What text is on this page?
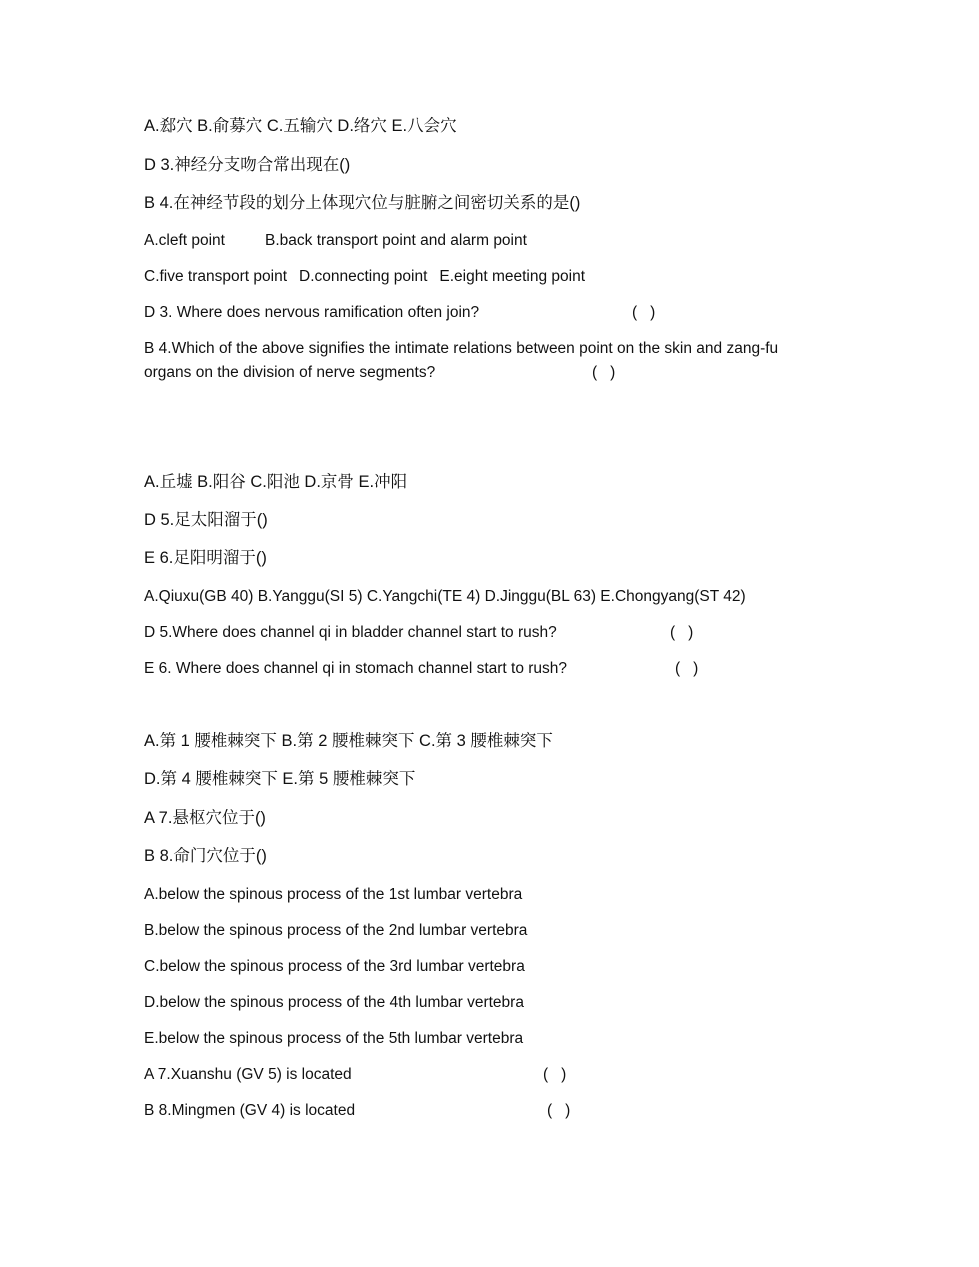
A.郄穴 B.俞募穴 C.五输穴 D.络穴 E.八会穴
D 3.神经分支吻合常出现在()
B 4.在神经节段的划分上体现穴位与脏腑之间密切关系的是()
A.cleft point	B.back transport point and alarm point
C.five transport point D.connecting point E.eight meeting point
D 3. Where does nervous ramification often join?	(   )
B 4.Which of the above signifies the intimate relations between point on the skin and zang-fu organs on the division of nerve segments?	(   )
A.丘墟 B.阳谷 C.阳池 D.京骨 E.冲阳
D 5.足太阳溜于()
E 6.足阳明溜于()
A.Qiuxu(GB 40) B.Yanggu(SI 5) C.Yangchi(TE 4) D.Jinggu(BL 63) E.Chongyang(ST 42)
D 5.Where does channel qi in bladder channel start to rush?	(   )
E 6. Where does channel qi in stomach channel start to rush?	(   )
A.第 1 腰椎棘突下 B.第 2 腰椎棘突下 C.第 3 腰椎棘突下
D.第 4 腰椎棘突下 E.第 5 腰椎棘突下
A 7.悬枢穴位于()
B 8.命门穴位于()
A.below the spinous process of the 1st lumbar vertebra
B.below the spinous process of the 2nd lumbar vertebra
C.below the spinous process of the 3rd lumbar vertebra
D.below the spinous process of the 4th lumbar vertebra
E.below the spinous process of the 5th lumbar vertebra
A 7.Xuanshu (GV 5) is located	(   )
B 8.Mingmen (GV 4) is located	(   )
